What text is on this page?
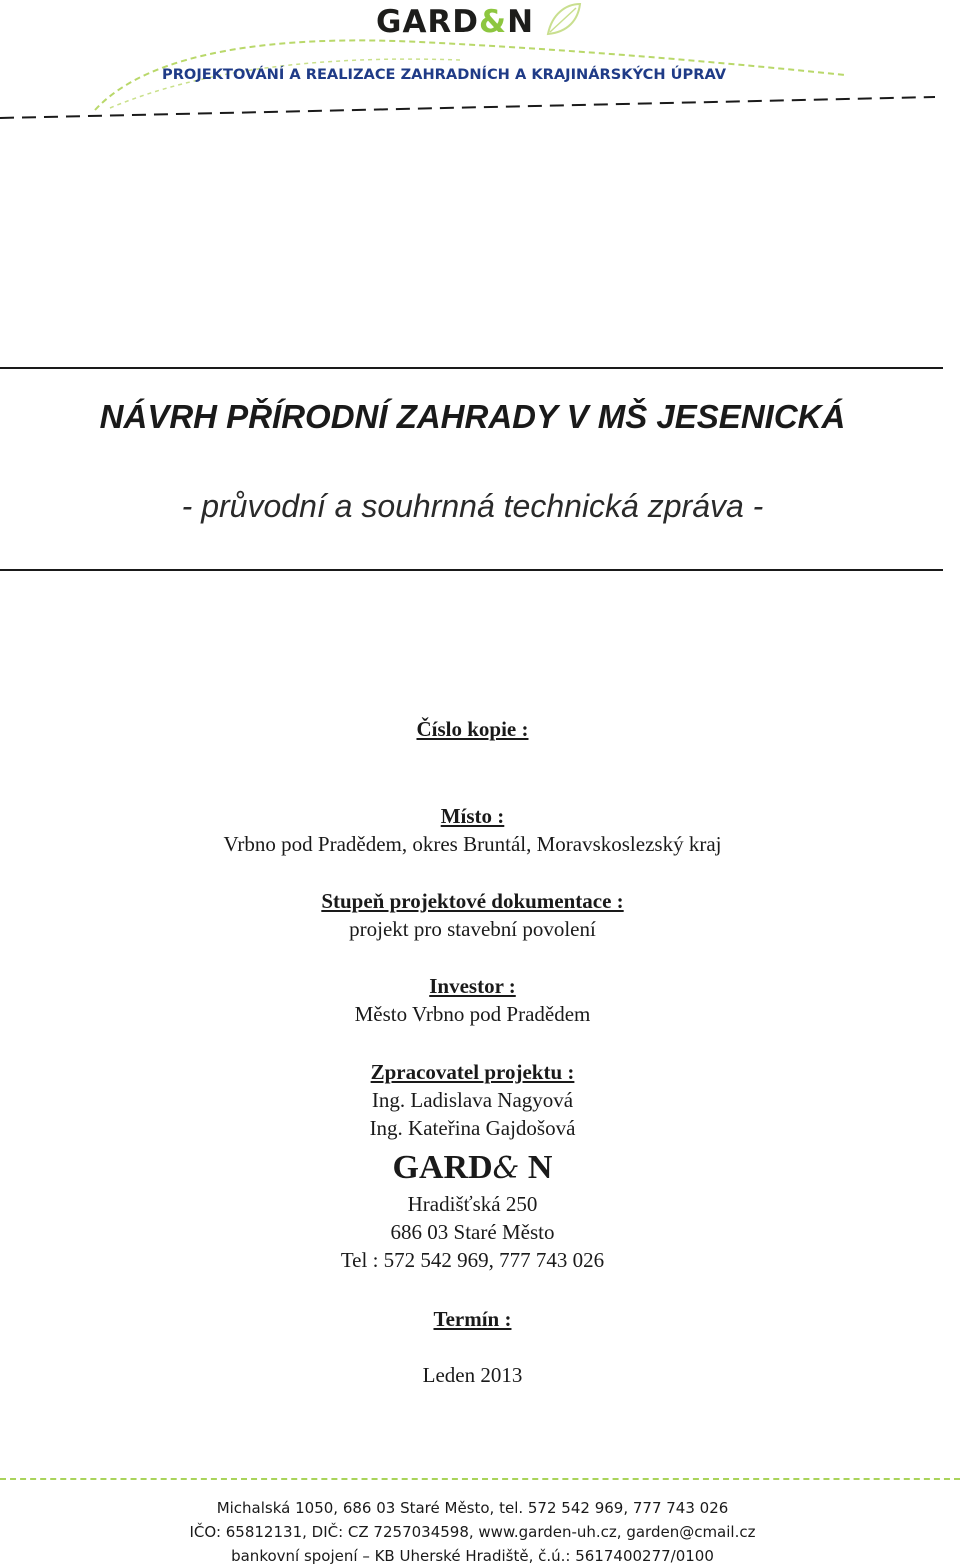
GARD&N
PROJEKTOVÁNÍ A REALIZACE ZAHRADNÍCH A KRAJINÁRSKÝCH ÚPRAV
NÁVRH PŘÍRODNÍ ZAHRADY V MŠ JESENICKÁ
- průvodní a souhrnná technická zpráva -
Číslo kopie :
Místo :
Vrbno pod Pradědem, okres Bruntál, Moravskoslezský kraj
Stupeň projektové dokumentace :
projekt pro stavební povolení
Investor :
Město Vrbno pod Pradědem
Zpracovatel projektu :
Ing. Ladislava Nagyová
Ing. Kateřina Gajdošová
GARD& N
Hradišťská 250
686 03 Staré Město
Tel : 572 542 969, 777 743 026
Termín :
Leden 2013
Michalská 1050, 686 03 Staré Město, tel. 572 542 969, 777 743 026
IČO: 65812131, DIČ: CZ 7257034598, www.garden-uh.cz, garden@cmail.cz
bankovní spojení – KB Uherské Hradiště, č.ú.: 5617400277/0100
